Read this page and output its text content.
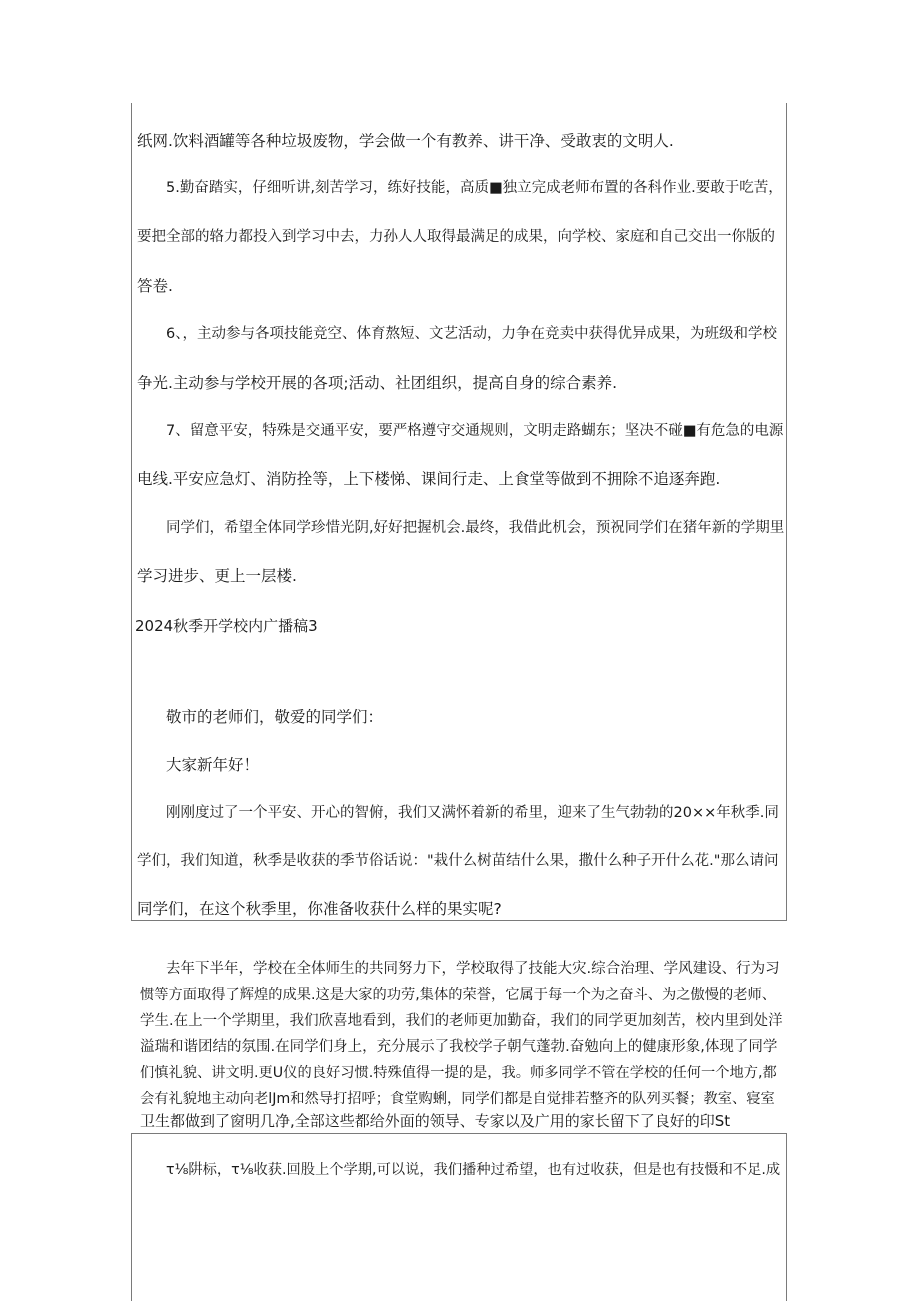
纸网.饮料酒罐等各种垃圾废物，学会做一个有教养、讲干净、受敢衷的文明人.

5.勤奋踏实，仔细听讲,刻苦学习，练好技能，高质■独立完成老师布置的各科作业.要敢于吃苦，

要把全部的辂力都投入到学习中去，力孙人人取得最满足的成果，向学校、家庭和自己交出一你版的

答卷.

6、，主动参与各项技能竞空、体育熬短、文艺活动，力争在竞卖中获得优异成果，为班级和学校

争光.主动参与学校开展的各项;活动、社团组织，提高自身的综合素养.

7、留意平安，特殊是交通平安，要严格遵守交通规则，文明走路蝴东；坚决不碰■有危急的电源

电线.平安应急灯、消防拴等，上下楼悌、课间行走、上食堂等做到不拥除不追逐奔跑.

同学们，希望全体同学珍惜光阴,好好把握机会.最终，我借此机会，预祝同学们在猪年新的学期里

学习进步、更上一层楼.

2024秋季开学校内广播稿3

敬市的老师们，敬爱的同学们：

大家新年好！

刚刚度过了一个平安、开心的智俯，我们又满怀着新的希里，迎来了生气勃勃的20××年秋季.同

学们，我们知道，秋季是收获的季节俗话说："栽什么树苗结什么果，撒什么种子开什么花."那么请问

同学们，在这个秋季里，你准备收获什么样的果实呢?

去年下半年，学校在全体师生的共同努力下，学校取得了技能大灾.综合治理、学风建设、行为习

惯等方面取得了辉煌的成果.这是大家的功劳,集体的荣誉，它属于每一个为之奋斗、为之傲慢的老师、

学生.在上一个学期里，我们欣喜地看到，我们的老师更加勤奋，我们的同学更加刻苦，校内里到处洋

溢瑞和谐团结的氛围.在同学们身上，充分展示了我校学子朝气蓬勃.奋勉向上的健康形象,体现了同学

们慎礼貌、讲文明.更U仪的良好习惯.特殊值得一提的是，我。师多同学不管在学校的任何一个地方,都

会有礼貌地主动向老lJm和然导打招呼；食堂购蜊，同学们都是自觉排若整齐的队列买餐；教室、寝室

卫生都做到了窗明几净,全部这些都给外面的领导、专家以及广用的家长留下了良好的印St

τ⅛阱标，τ⅛收获.回股上个学期,可以说，我们播种过希望，也有过收获，但是也有技慑和不足.成
